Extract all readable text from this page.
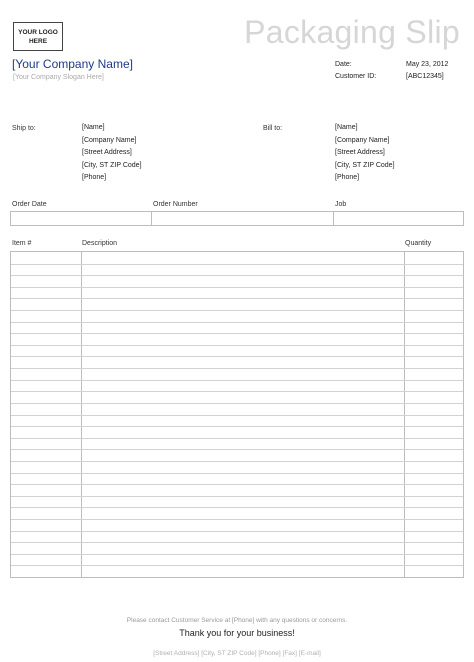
YOUR LOGO HERE	Packaging Slip
[Your Company Name]
[Your Company Slogan Here]
Date:	May 23, 2012
Customer ID:	[ABC12345]
Ship to:	[Name]
[Company Name]
[Street Address]
[City, ST ZIP Code]
[Phone]
Bill to:	[Name]
[Company Name]
[Street Address]
[City, ST ZIP Code]
[Phone]
Order Date	Order Number	Job
Item #	Description	Quantity
Please contact Customer Service at [Phone] with any questions or concerns.
Thank you for your business!
[Street Address] [City, ST ZIP Code] [Phone] [Fax] [E-mail]
